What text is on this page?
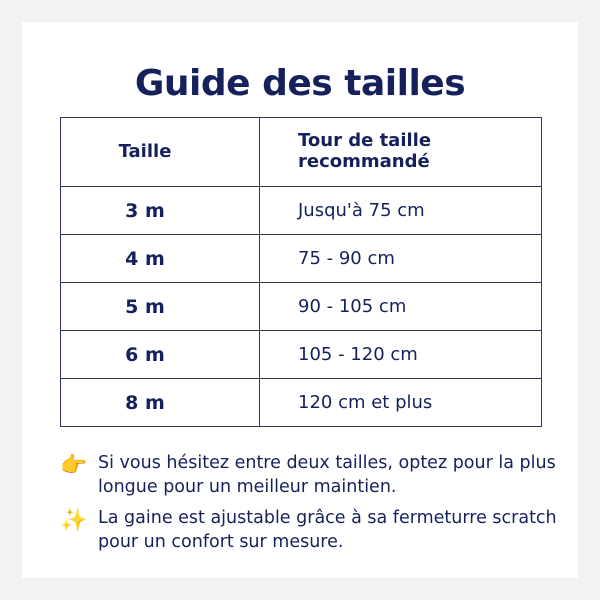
Guide des tailles
Taille	Tour de taille recommandé
3 m	Jusqu'à 75 cm
4 m	75 - 90 cm
5 m	90 - 105 cm
6 m	105 - 120 cm
8 m	120 cm et plus
👉 Si vous hésitez entre deux tailles, optez pour la plus longue pour un meilleur maintien.
✨ La gaine est ajustable grâce à sa fermeturre scratch pour un confort sur mesure.
